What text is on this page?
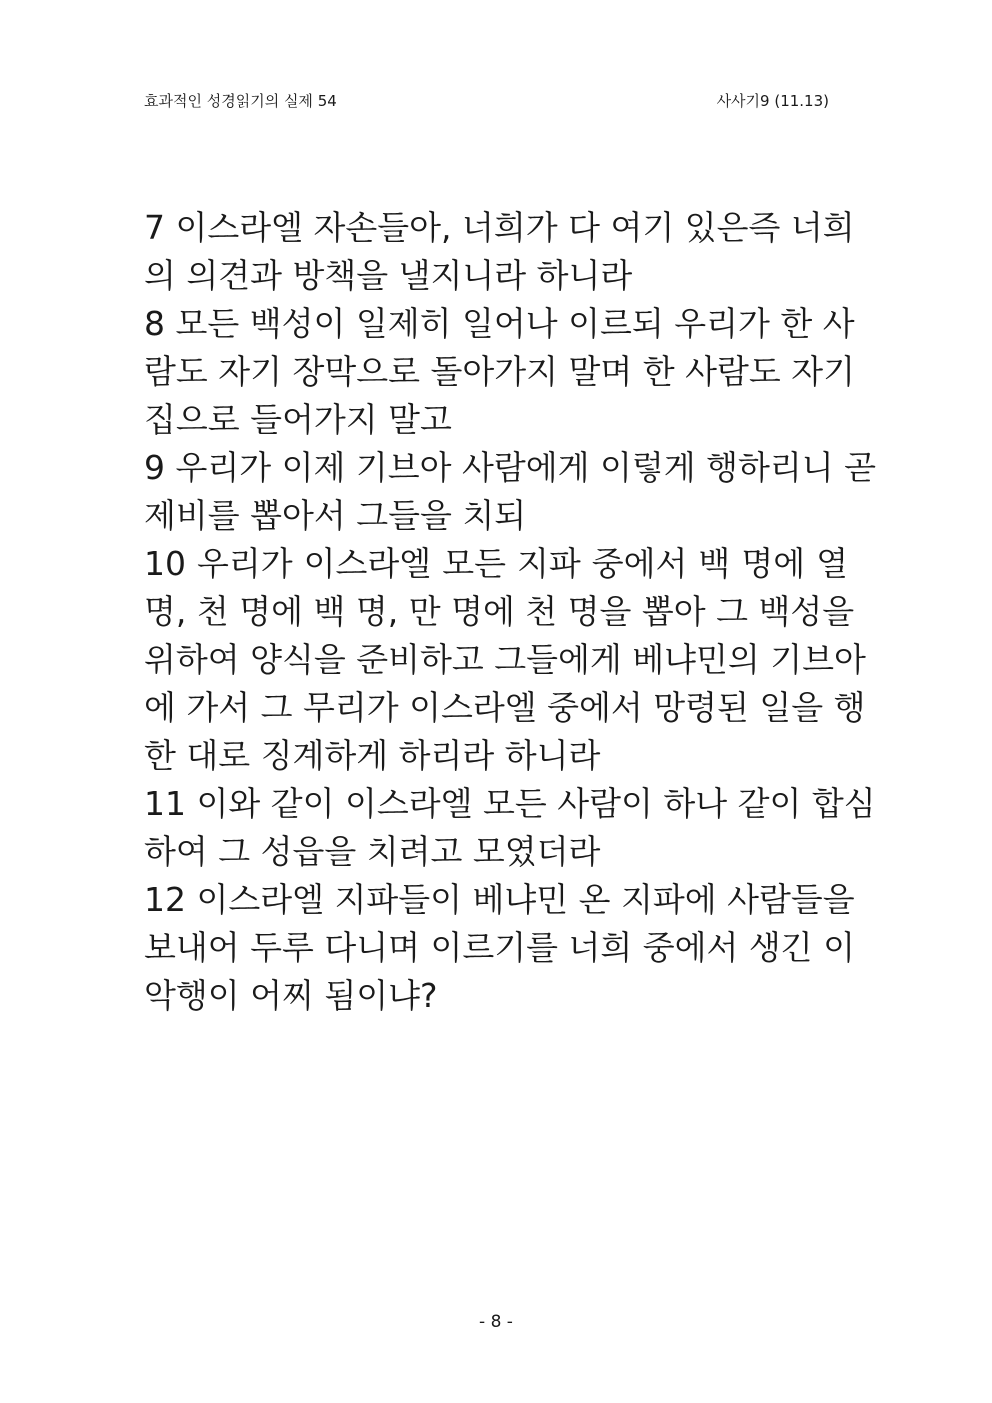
효과적인 성경읽기의 실제 54	사사기9 (11.13)
7 이스라엘 자손들아, 너희가 다 여기 있은즉 너희
의 의견과 방책을 낼지니라 하니라
8 모든 백성이 일제히 일어나 이르되 우리가 한 사
람도 자기 장막으로 돌아가지 말며 한 사람도 자기
집으로 들어가지 말고
9 우리가 이제 기브아 사람에게 이렇게 행하리니 곧
제비를 뽑아서 그들을 치되
10 우리가 이스라엘 모든 지파 중에서 백 명에 열
명, 천 명에 백 명, 만 명에 천 명을 뽑아 그 백성을
위하여 양식을 준비하고 그들에게 베냐민의 기브아
에 가서 그 무리가 이스라엘 중에서 망령된 일을 행
한 대로 징계하게 하리라 하니라
11 이와 같이 이스라엘 모든 사람이 하나 같이 합심
하여 그 성읍을 치려고 모였더라
12 이스라엘 지파들이 베냐민 온 지파에 사람들을
보내어 두루 다니며 이르기를 너희 중에서 생긴 이
악행이 어찌 됨이냐?
- 8 -
